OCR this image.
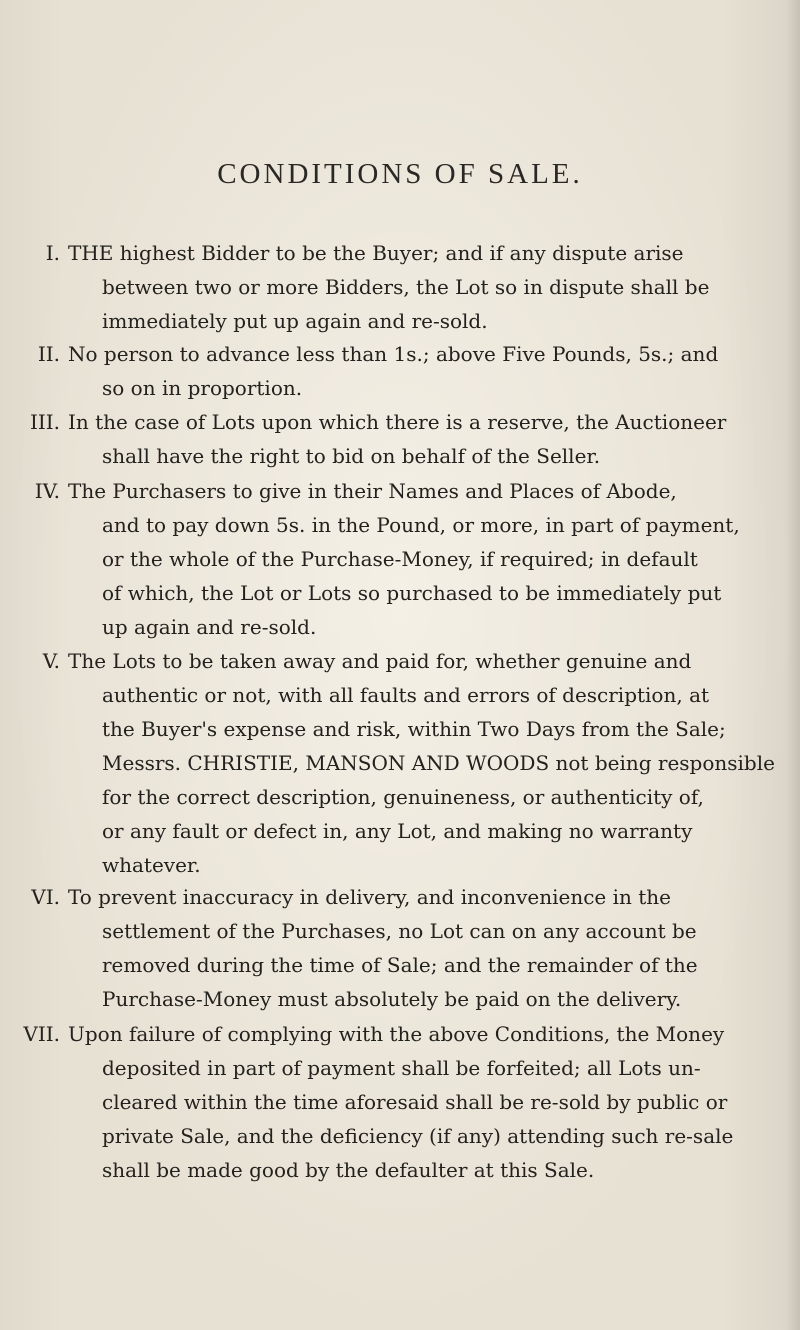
CONDITIONS OF SALE.
I. THE highest Bidder to be the Buyer; and if any dispute arise
between two or more Bidders, the Lot so in dispute shall be
immediately put up again and re-sold.
II. No person to advance less than 1s.; above Five Pounds, 5s.; and
so on in proportion.
III. In the case of Lots upon which there is a reserve, the Auctioneer
shall have the right to bid on behalf of the Seller.
IV. The Purchasers to give in their Names and Places of Abode,
and to pay down 5s. in the Pound, or more, in part of payment,
or the whole of the Purchase-Money, if required; in default
of which, the Lot or Lots so purchased to be immediately put
up again and re-sold.
V. The Lots to be taken away and paid for, whether genuine and
authentic or not, with all faults and errors of description, at
the Buyer's expense and risk, within Two Days from the Sale;
Messrs. CHRISTIE, MANSON AND WOODS not being responsible
for the correct description, genuineness, or authenticity of,
or any fault or defect in, any Lot, and making no warranty
whatever.
VI. To prevent inaccuracy in delivery, and inconvenience in the
settlement of the Purchases, no Lot can on any account be
removed during the time of Sale; and the remainder of the
Purchase-Money must absolutely be paid on the delivery.
VII. Upon failure of complying with the above Conditions, the Money
deposited in part of payment shall be forfeited; all Lots un-
cleared within the time aforesaid shall be re-sold by public or
private Sale, and the deficiency (if any) attending such re-sale
shall be made good by the defaulter at this Sale.
